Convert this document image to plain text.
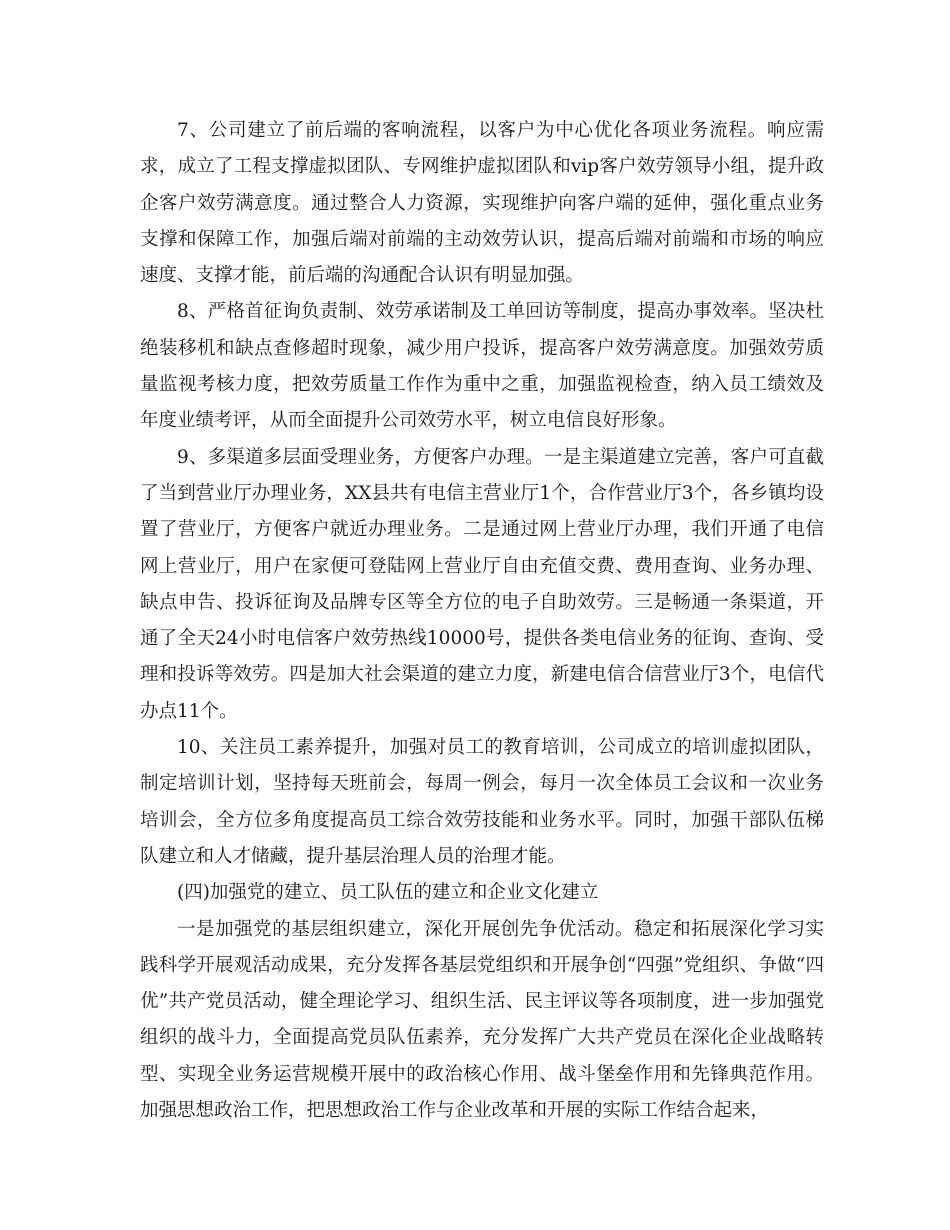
7、公司建立了前后端的客响流程，以客户为中心优化各项业务流程。响应需求，成立了工程支撑虚拟团队、专网维护虚拟团队和vip客户效劳领导小组，提升政企客户效劳满意度。通过整合人力资源，实现维护向客户端的延伸，强化重点业务支撑和保障工作，加强后端对前端的主动效劳认识，提高后端对前端和市场的响应速度、支撑才能，前后端的沟通配合认识有明显加强。

8、严格首征询负责制、效劳承诺制及工单回访等制度，提高办事效率。坚决杜绝装移机和缺点查修超时现象，减少用户投诉，提高客户效劳满意度。加强效劳质量监视考核力度，把效劳质量工作作为重中之重，加强监视检查，纳入员工绩效及年度业绩考评，从而全面提升公司效劳水平，树立电信良好形象。

9、多渠道多层面受理业务，方便客户办理。一是主渠道建立完善，客户可直截了当到营业厅办理业务，XX县共有电信主营业厅1个，合作营业厅3个，各乡镇均设置了营业厅，方便客户就近办理业务。二是通过网上营业厅办理，我们开通了电信网上营业厅，用户在家便可登陆网上营业厅自由充值交费、费用查询、业务办理、缺点申告、投诉征询及品牌专区等全方位的电子自助效劳。三是畅通一条渠道，开通了全天24小时电信客户效劳热线10000号，提供各类电信业务的征询、查询、受理和投诉等效劳。四是加大社会渠道的建立力度，新建电信合信营业厅3个，电信代办点11个。

10、关注员工素养提升，加强对员工的教育培训，公司成立的培训虚拟团队，制定培训计划，坚持每天班前会，每周一例会，每月一次全体员工会议和一次业务培训会，全方位多角度提高员工综合效劳技能和业务水平。同时，加强干部队伍梯队建立和人才储藏，提升基层治理人员的治理才能。

(四)加强党的建立、员工队伍的建立和企业文化建立

一是加强党的基层组织建立，深化开展创先争优活动。稳定和拓展深化学习实践科学开展观活动成果，充分发挥各基层党组织和开展争创“四强”党组织、争做“四优”共产党员活动，健全理论学习、组织生活、民主评议等各项制度，进一步加强党组织的战斗力，全面提高党员队伍素养，充分发挥广大共产党员在深化企业战略转型、实现全业务运营规模开展中的政治核心作用、战斗堡垒作用和先锋典范作用。加强思想政治工作，把思想政治工作与企业改革和开展的实际工作结合起来，
